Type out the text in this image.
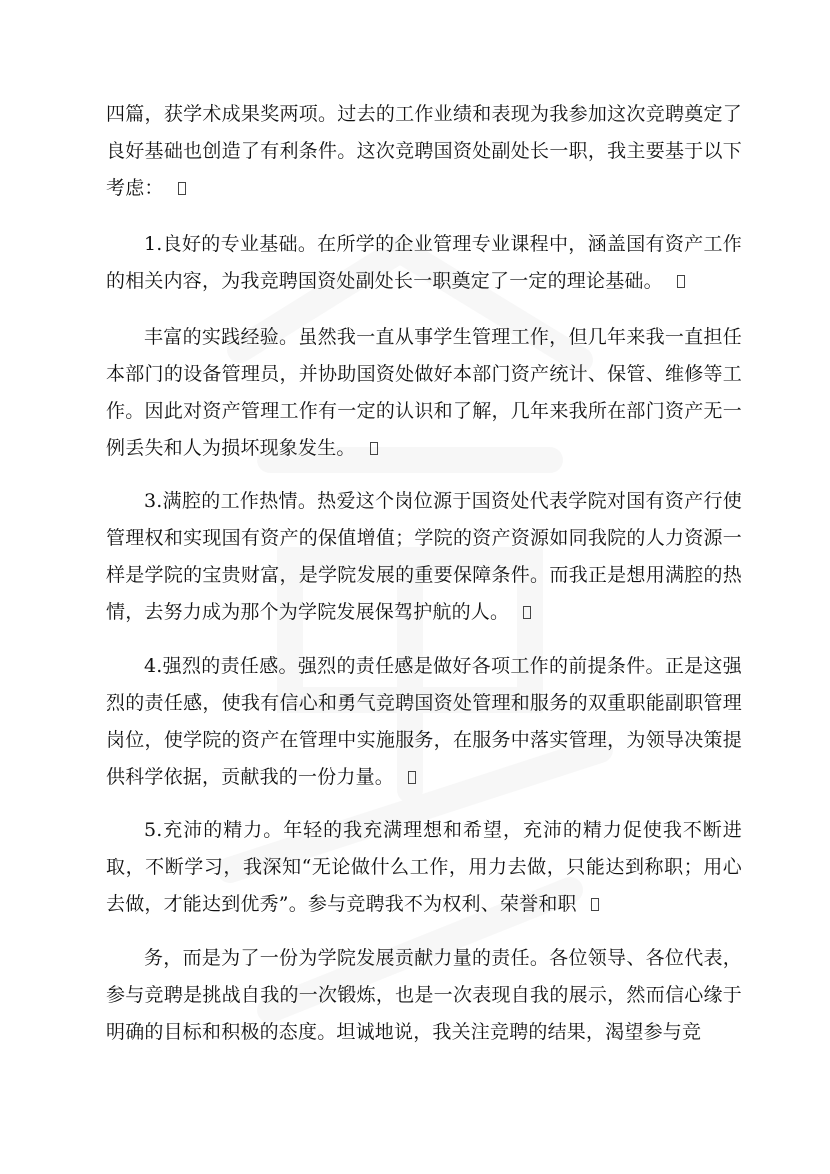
四篇，获学术成果奖两项。过去的工作业绩和表现为我参加这次竞聘奠定了良好基础也创造了有利条件。这次竞聘国资处副处长一职，我主要基于以下考虑：

1.良好的专业基础。在所学的企业管理专业课程中，涵盖国有资产工作的相关内容，为我竞聘国资处副处长一职奠定了一定的理论基础。

丰富的实践经验。虽然我一直从事学生管理工作，但几年来我一直担任本部门的设备管理员，并协助国资处做好本部门资产统计、保管、维修等工作。因此对资产管理工作有一定的认识和了解，几年来我所在部门资产无一例丢失和人为损坏现象发生。

3.满腔的工作热情。热爱这个岗位源于国资处代表学院对国有资产行使管理权和实现国有资产的保值增值；学院的资产资源如同我院的人力资源一样是学院的宝贵财富，是学院发展的重要保障条件。而我正是想用满腔的热情，去努力成为那个为学院发展保驾护航的人。

4.强烈的责任感。强烈的责任感是做好各项工作的前提条件。正是这强烈的责任感，使我有信心和勇气竞聘国资处管理和服务的双重职能副职管理岗位，使学院的资产在管理中实施服务，在服务中落实管理，为领导决策提供科学依据，贡献我的一份力量。

5.充沛的精力。年轻的我充满理想和希望，充沛的精力促使我不断进取，不断学习，我深知“无论做什么工作，用力去做，只能达到称职；用心去做，才能达到优秀”。参与竞聘我不为权利、荣誉和职

务，而是为了一份为学院发展贡献力量的责任。各位领导、各位代表，参与竞聘是挑战自我的一次锻炼，也是一次表现自我的展示，然而信心缘于明确的目标和积极的态度。坦诚地说，我关注竞聘的结果，渴望参与竞
